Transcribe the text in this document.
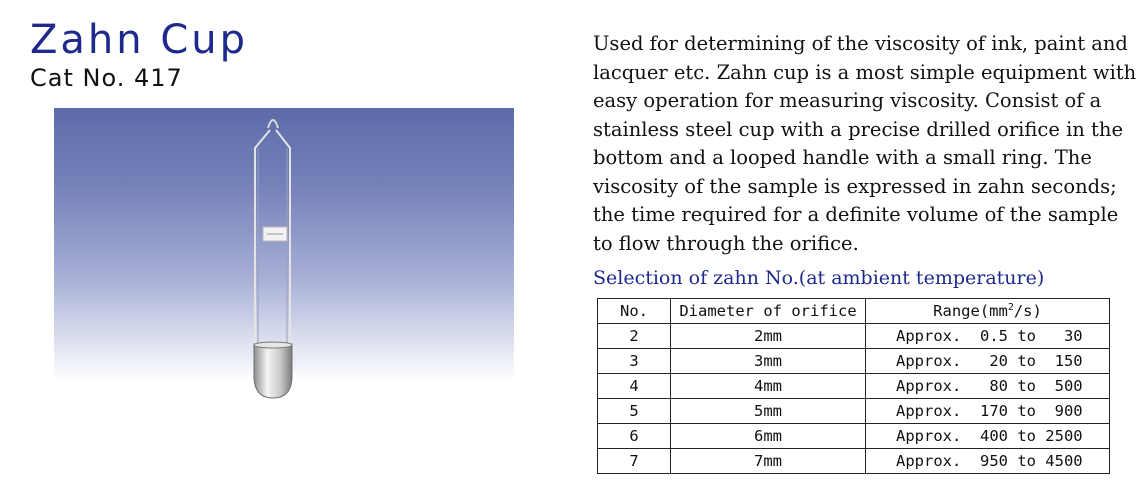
Zahn Cup
Cat No. 417

Used for determining of the viscosity of ink, paint and lacquer etc. Zahn cup is a most simple equipment with easy operation for measuring viscosity. Consist of a stainless steel cup with a precise drilled orifice in the bottom and a looped handle with a small ring. The viscosity of the sample is expressed in zahn seconds; the time required for a definite volume of the sample to flow through the orifice.

Selection of zahn No.(at ambient temperature)
No.	Diameter of orifice	$Range(mm^2/s)$
2	2mm	Approx.  0.5 to   30
3	3mm	Approx.   20 to  150
4	4mm	Approx.   80 to  500
5	5mm	Approx.  170 to  900
6	6mm	Approx.  400 to 2500
7	7mm	Approx.  950 to 4500
